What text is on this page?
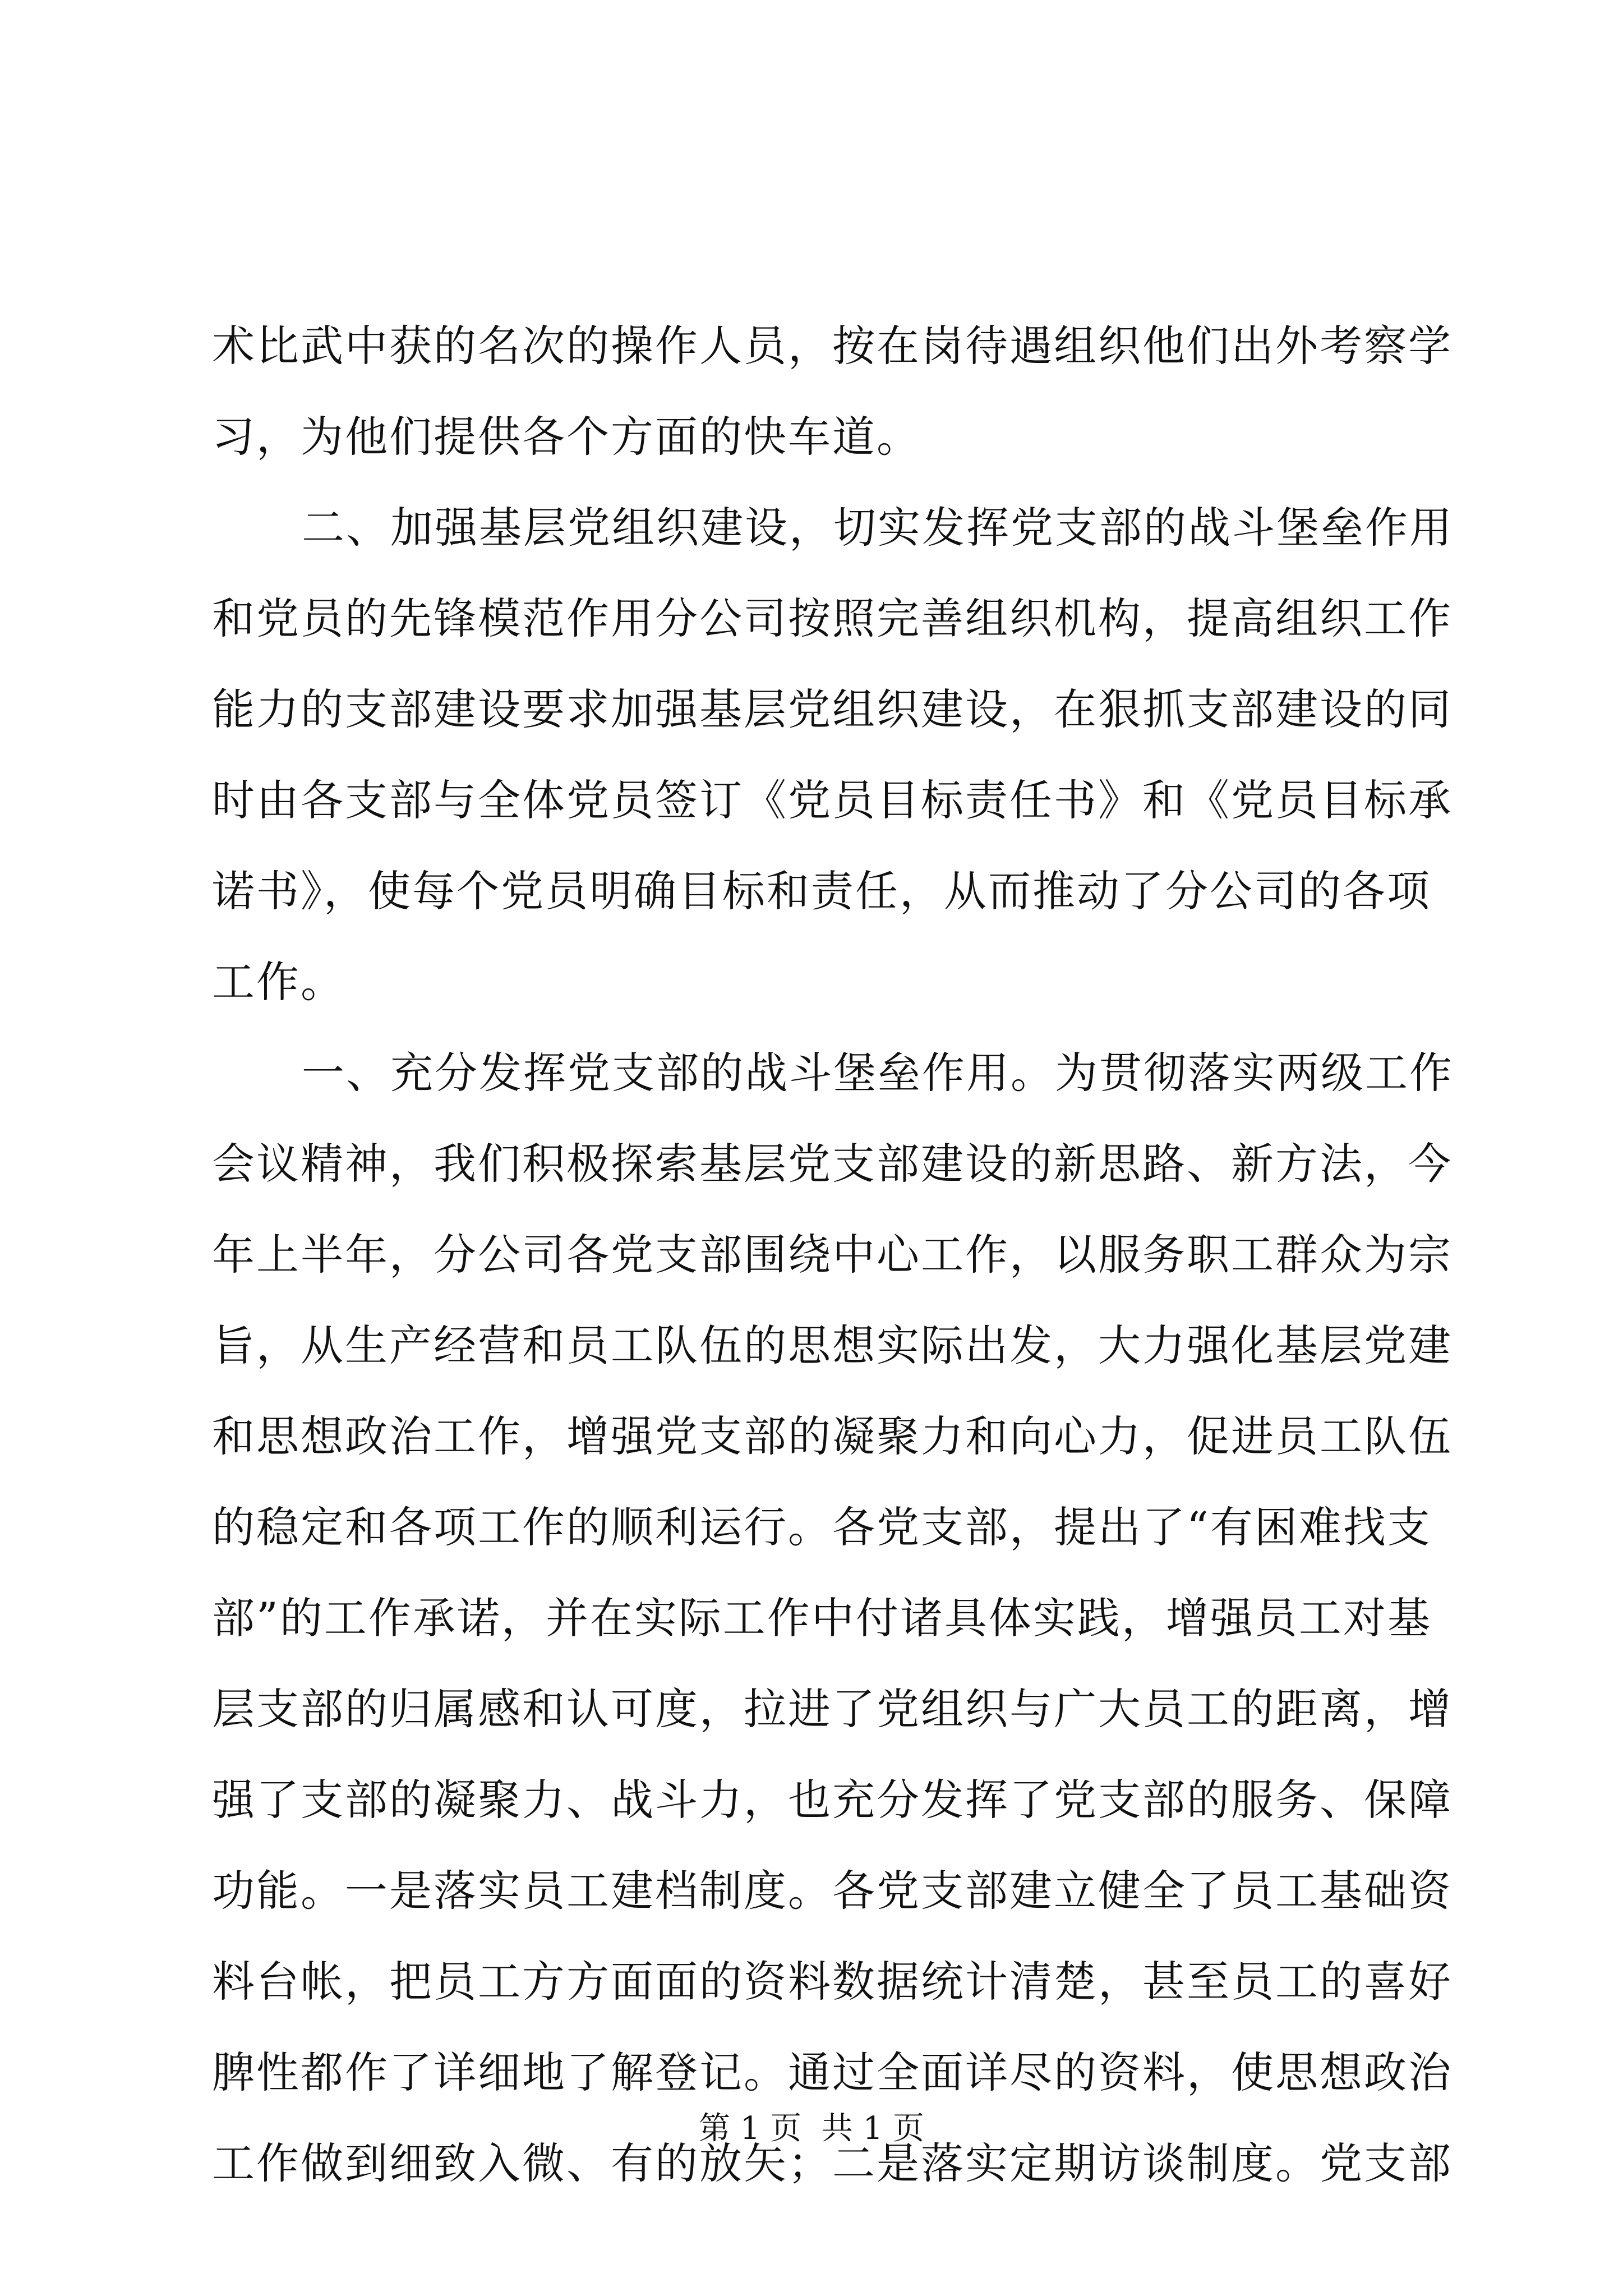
术比武中获的名次的操作人员，按在岗待遇组织他们出外考察学
习，为他们提供各个方面的快车道。
二、加强基层党组织建设，切实发挥党支部的战斗堡垒作用
和党员的先锋模范作用分公司按照完善组织机构，提高组织工作
能力的支部建设要求加强基层党组织建设，在狠抓支部建设的同
时由各支部与全体党员签订《党员目标责任书》和《党员目标承
诺书》，使每个党员明确目标和责任，从而推动了分公司的各项
工作。
一、充分发挥党支部的战斗堡垒作用。为贯彻落实两级工作
会议精神，我们积极探索基层党支部建设的新思路、新方法，今
年上半年，分公司各党支部围绕中心工作，以服务职工群众为宗
旨，从生产经营和员工队伍的思想实际出发，大力强化基层党建
和思想政治工作，增强党支部的凝聚力和向心力，促进员工队伍
的稳定和各项工作的顺利运行。各党支部，提出了“有困难找支
部”的工作承诺，并在实际工作中付诸具体实践，增强员工对基
层支部的归属感和认可度，拉进了党组织与广大员工的距离，增
强了支部的凝聚力、战斗力，也充分发挥了党支部的服务、保障
功能。一是落实员工建档制度。各党支部建立健全了员工基础资
料台帐，把员工方方面面的资料数据统计清楚，甚至员工的喜好
脾性都作了详细地了解登记。通过全面详尽的资料，使思想政治
工作做到细致入微、有的放矢；二是落实定期访谈制度。党支部
第 1 页  共 1 页
